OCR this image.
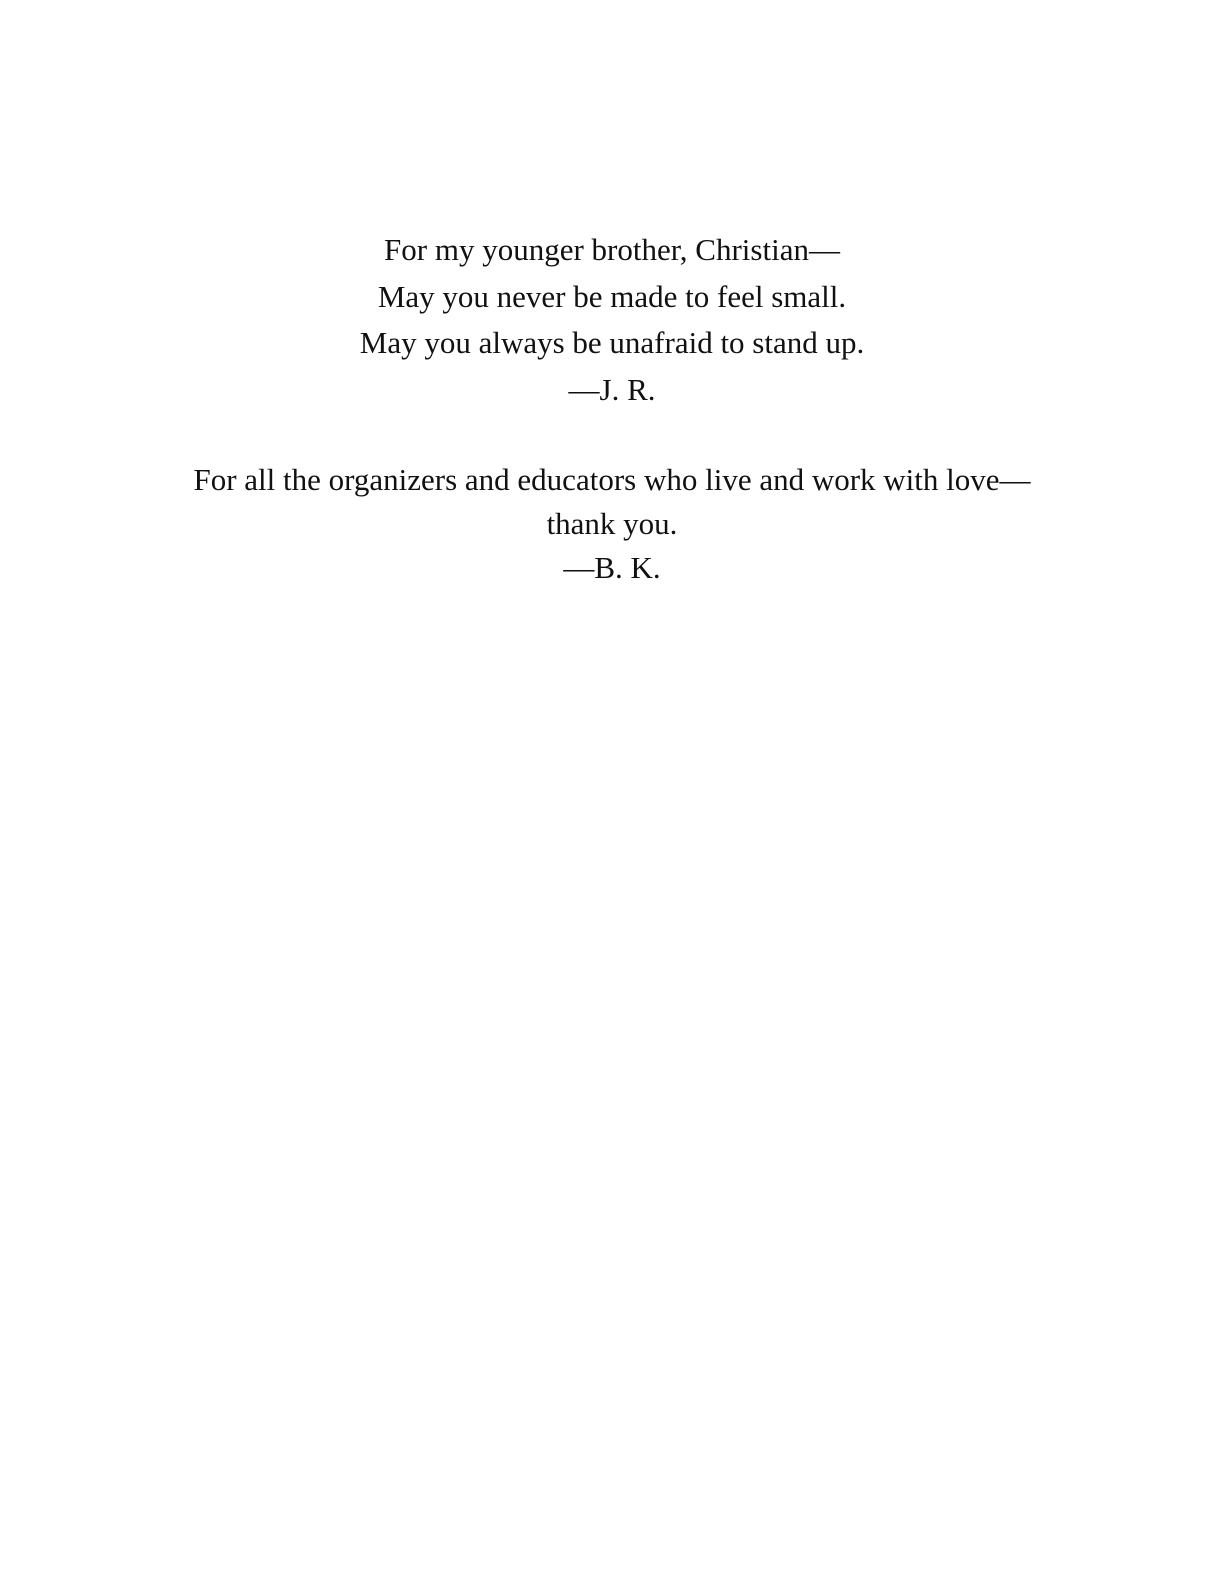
For my younger brother, Christian—
May you never be made to feel small.
May you always be unafraid to stand up.
—J. R.
For all the organizers and educators who live and work with love—
thank you.
—B. K.
